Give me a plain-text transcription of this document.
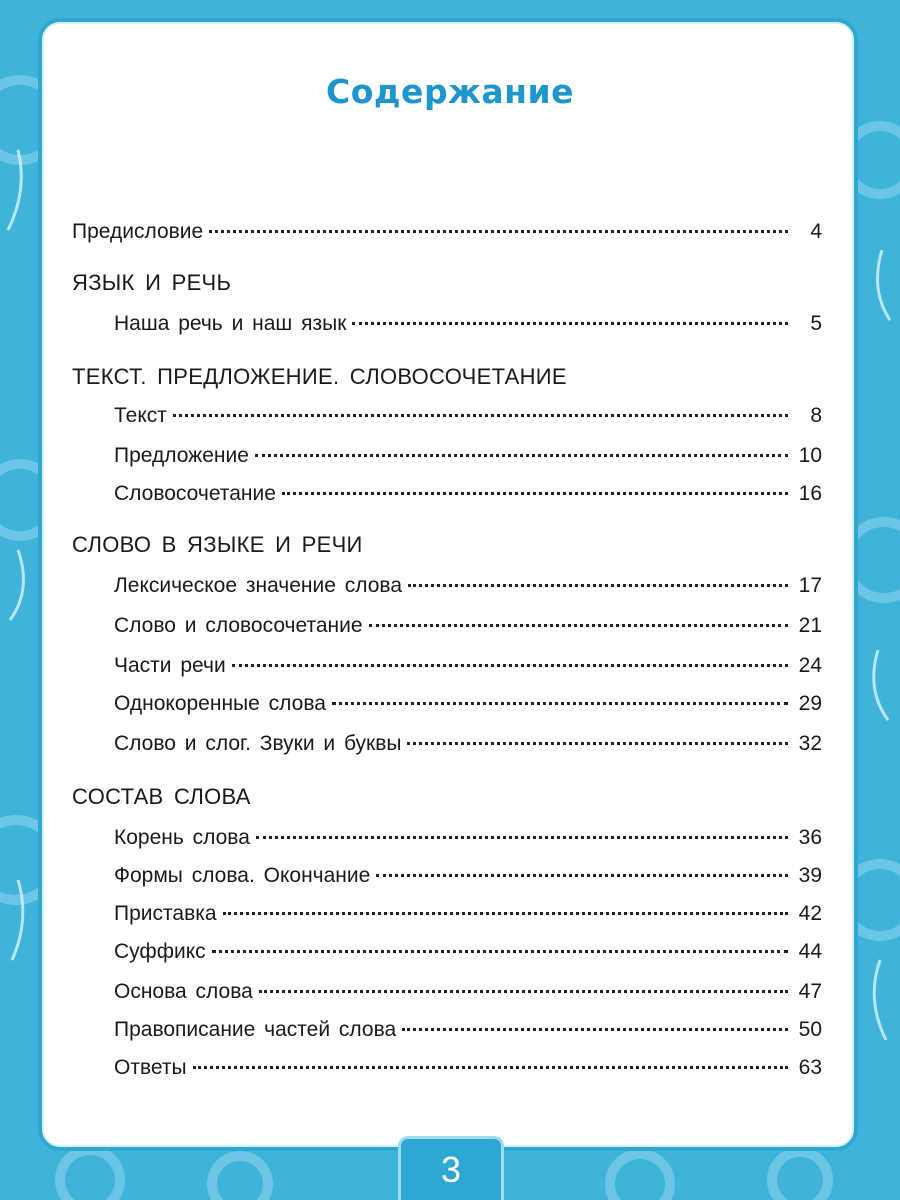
Содержание
Предисловие	4
ЯЗЫК И РЕЧЬ
Наша речь и наш язык	5
ТЕКСТ. ПРЕДЛОЖЕНИЕ. СЛОВОСОЧЕТАНИЕ
Текст	8
Предложение	10
Словосочетание	16
СЛОВО В ЯЗЫКЕ И РЕЧИ
Лексическое значение слова	17
Слово и словосочетание	21
Части речи	24
Однокоренные слова	29
Слово и слог. Звуки и буквы	32
СОСТАВ СЛОВА
Корень слова	36
Формы слова. Окончание	39
Приставка	42
Суффикс	44
Основа слова	47
Правописание частей слова	50
Ответы	63
3
